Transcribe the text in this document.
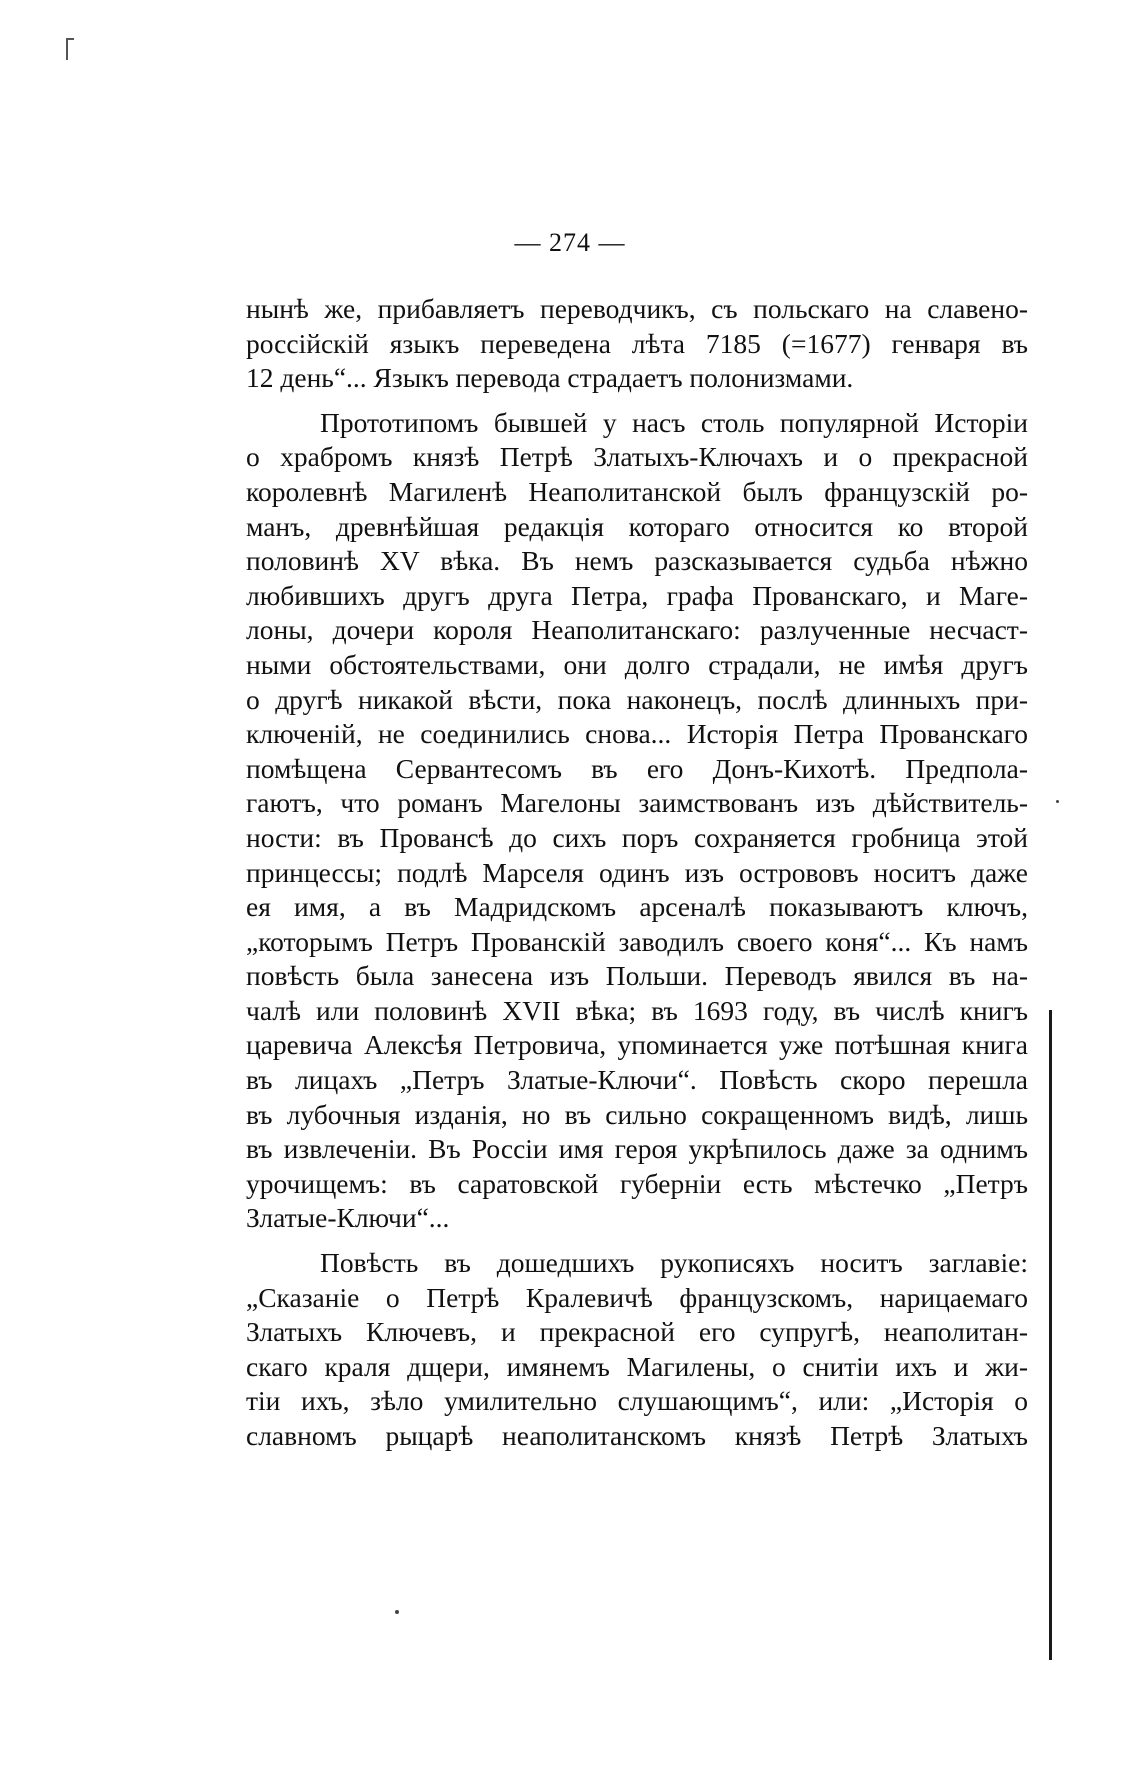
— 274 —
нынѣ же, прибавляетъ переводчикъ, съ польскаго на славено-
россійскій языкъ переведена лѣта 7185 (=1677) генваря въ
12 день“... Языкъ перевода страдаетъ полонизмами.
Прототипомъ бывшей у насъ столь популярной Исторіи
о храбромъ князѣ Петрѣ Златыхъ-Ключахъ и о прекрасной
королевнѣ Магиленѣ Неаполитанской былъ французскій ро-
манъ, древнѣйшая редакція котораго относится ко второй
половинѣ XV вѣка. Въ немъ разсказывается судьба нѣжно
любившихъ другъ друга Петра, графа Прованскаго, и Маге-
лоны, дочери короля Неаполитанскаго: разлученные несчаст-
ными обстоятельствами, они долго страдали, не имѣя другъ
о другѣ никакой вѣсти, пока наконецъ, послѣ длинныхъ при-
ключеній, не соединились снова... Исторія Петра Прованскаго
помѣщена Сервантесомъ въ его Донъ-Кихотѣ. Предпола-
гаютъ, что романъ Магелоны заимствованъ изъ дѣйствитель-
ности: въ Провансѣ до сихъ поръ сохраняется гробница этой
принцессы; подлѣ Марселя одинъ изъ острововъ носитъ даже
ея имя, а въ Мадридскомъ арсеналѣ показываютъ ключъ,
„которымъ Петръ Прованскій заводилъ своего коня“... Къ намъ
повѣсть была занесена изъ Польши. Переводъ явился въ на-
чалѣ или половинѣ XVII вѣка; въ 1693 году, въ числѣ книгъ
царевича Алексѣя Петровича, упоминается уже потѣшная книга
въ лицахъ „Петръ Златые-Ключи“. Повѣсть скоро перешла
въ лубочныя изданія, но въ сильно сокращенномъ видѣ, лишь
въ извлеченіи. Въ Россіи имя героя укрѣпилось даже за однимъ
урочищемъ: въ саратовской губерніи есть мѣстечко „Петръ
Златые-Ключи“...
Повѣсть въ дошедшихъ рукописяхъ носитъ заглавіе:
„Сказаніе о Петрѣ Кралевичѣ французскомъ, нарицаемаго
Златыхъ Ключевъ, и прекрасной его супругѣ, неаполитан-
скаго краля дщери, имянемъ Магилены, о снитіи ихъ и жи-
тіи ихъ, зѣло умилительно слушающимъ“, или: „Исторія о
славномъ рыцарѣ неаполитанскомъ князѣ Петрѣ Златыхъ
